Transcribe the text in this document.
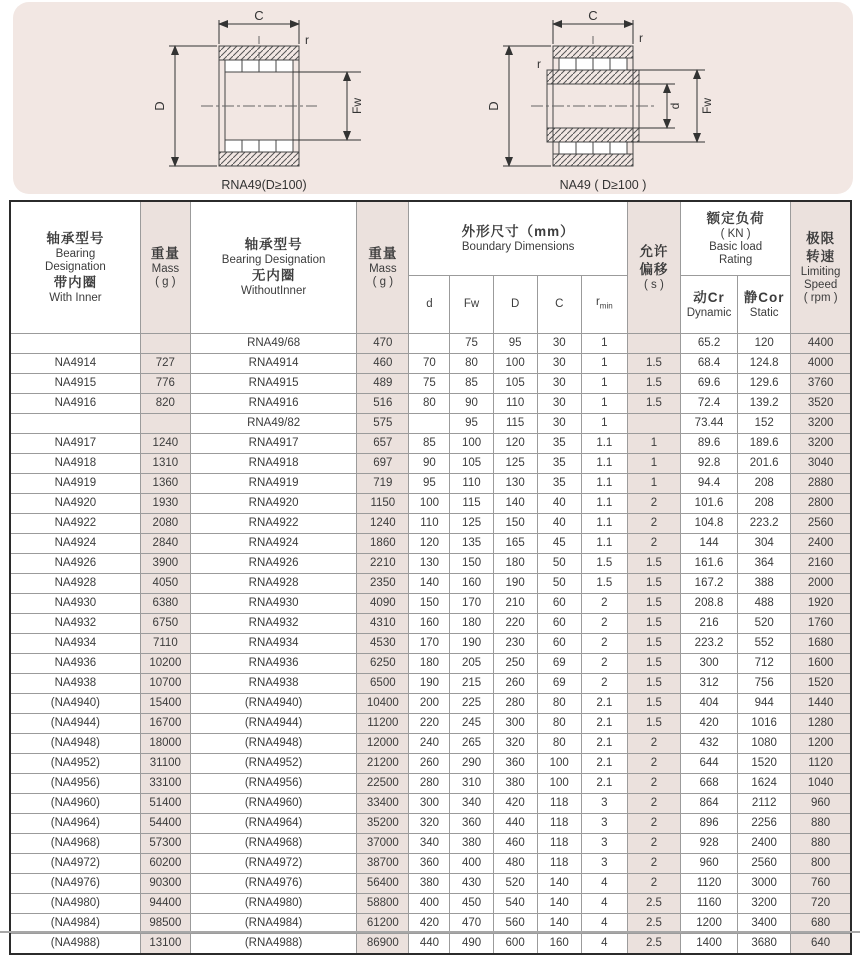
C
r
D	Fw
RNA49(D≥100)
C
r
r
D	d Fw
NA49 ( D≥100 )
轴承型号
Bearing
Designation
带内圈
With Inner

重量
Mass
( g )

轴承型号
Bearing Designation
无内圈
WithoutInner

重量
Mass
( g )

外形尺寸（mm）
Boundary Dimensions	允许
偏移
( s )

额定负荷
( KN )
Basic load
Rating

极限
转速
Limiting
Speed
( rpm )

d	Fw	D	C	$r_{min}$

动Cr
Dynamic

静Cor
Static

		RNA49/68	470		75	95	30	1		65.2	120	4400
NA4914	727	RNA4914	460	70	80	100	30	1	1.5	68.4	124.8	4000
NA4915	776	RNA4915	489	75	85	105	30	1	1.5	69.6	129.6	3760
NA4916	820	RNA4916	516	80	90	110	30	1	1.5	72.4	139.2	3520
		RNA49/82	575		95	115	30	1		73.44	152	3200
NA4917	1240	RNA4917	657	85	100	120	35	1.1	1	89.6	189.6	3200
NA4918	1310	RNA4918	697	90	105	125	35	1.1	1	92.8	201.6	3040
NA4919	1360	RNA4919	719	95	110	130	35	1.1	1	94.4	208	2880
NA4920	1930	RNA4920	1150	100	115	140	40	1.1	2	101.6	208	2800
NA4922	2080	RNA4922	1240	110	125	150	40	1.1	2	104.8	223.2	2560
NA4924	2840	RNA4924	1860	120	135	165	45	1.1	2	144	304	2400
NA4926	3900	RNA4926	2210	130	150	180	50	1.5	1.5	161.6	364	2160
NA4928	4050	RNA4928	2350	140	160	190	50	1.5	1.5	167.2	388	2000
NA4930	6380	RNA4930	4090	150	170	210	60	2	1.5	208.8	488	1920
NA4932	6750	RNA4932	4310	160	180	220	60	2	1.5	216	520	1760
NA4934	7110	RNA4934	4530	170	190	230	60	2	1.5	223.2	552	1680
NA4936	10200	RNA4936	6250	180	205	250	69	2	1.5	300	712	1600
NA4938	10700	RNA4938	6500	190	215	260	69	2	1.5	312	756	1520
(NA4940)	15400	(RNA4940)	10400	200	225	280	80	2.1	1.5	404	944	1440
(NA4944)	16700	(RNA4944)	11200	220	245	300	80	2.1	1.5	420	1016	1280
(NA4948)	18000	(RNA4948)	12000	240	265	320	80	2.1	2	432	1080	1200
(NA4952)	31100	(RNA4952)	21200	260	290	360	100	2.1	2	644	1520	1120
(NA4956)	33100	(RNA4956)	22500	280	310	380	100	2.1	2	668	1624	1040
(NA4960)	51400	(RNA4960)	33400	300	340	420	118	3	2	864	2112	960
(NA4964)	54400	(RNA4964)	35200	320	360	440	118	3	2	896	2256	880
(NA4968)	57300	(RNA4968)	37000	340	380	460	118	3	2	928	2400	880
(NA4972)	60200	(RNA4972)	38700	360	400	480	118	3	2	960	2560	800
(NA4976)	90300	(RNA4976)	56400	380	430	520	140	4	2	1120	3000	760
(NA4980)	94400	(RNA4980)	58800	400	450	540	140	4	2.5	1160	3200	720
(NA4984)	98500	(RNA4984)	61200	420	470	560	140	4	2.5	1200	3400	680
(NA4988)	13100	(RNA4988)	86900	440	490	600	160	4	2.5	1400	3680	640
